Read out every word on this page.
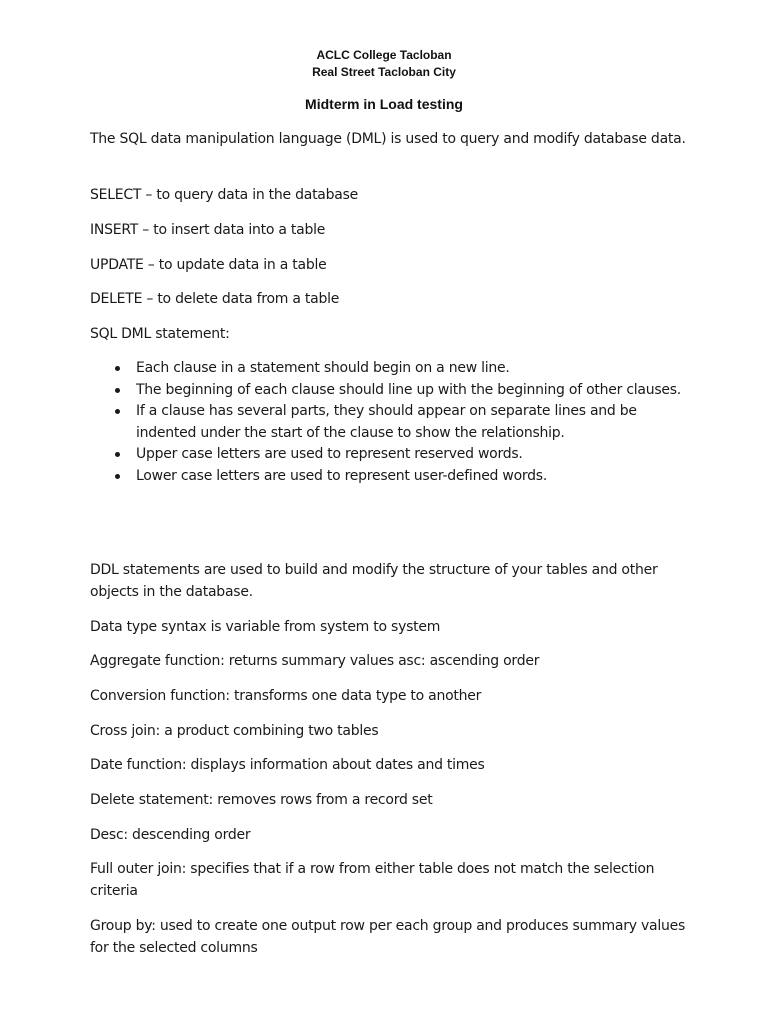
ACLC College Tacloban
Real Street Tacloban City
Midterm in Load testing

The SQL data manipulation language (DML) is used to query and modify database data.

SELECT – to query data in the database

INSERT – to insert data into a table

UPDATE – to update data in a table

DELETE – to delete data from a table

SQL DML statement:

Each clause in a statement should begin on a new line.
The beginning of each clause should line up with the beginning of other clauses.
If a clause has several parts, they should appear on separate lines and be indented under the start of the clause to show the relationship.
Upper case letters are used to represent reserved words.
Lower case letters are used to represent user-defined words.

DDL statements are used to build and modify the structure of your tables and other objects in the database.

Data type syntax is variable from system to system

Aggregate function: returns summary values asc: ascending order

Conversion function: transforms one data type to another

Cross join: a product combining two tables

Date function: displays information about dates and times

Delete statement: removes rows from a record set

Desc: descending order

Full outer join: specifies that if a row from either table does not match the selection criteria

Group by: used to create one output row per each group and produces summary values for the selected columns
